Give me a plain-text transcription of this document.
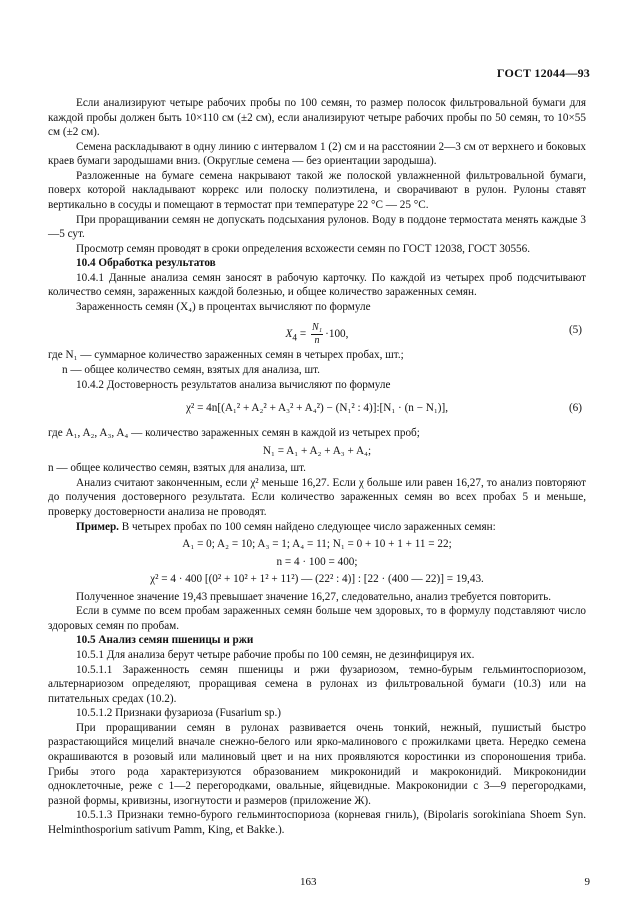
ГОСТ 12044—93

Если анализируют четыре рабочих пробы по 100 семян, то размер полосок фильтровальной бумаги для каждой пробы должен быть 10×110 см (±2 см), если анализируют четыре рабочих пробы по 50 семян, то 10×55 см (±2 см).

Семена раскладывают в одну линию с интервалом 1 (2) см и на расстоянии 2—3 см от верхнего и боковых краев бумаги зародышами вниз. (Округлые семена — без ориентации зародыша).

Разложенные на бумаге семена накрывают такой же полоской увлажненной фильтровальной бумаги, поверх которой накладывают коррекс или полоску полиэтилена, и сворачивают в рулон. Рулоны ставят вертикально в сосуды и помещают в термостат при температуре 22 °С — 25 °С.

При проращивании семян не допускать подсыхания рулонов. Воду в поддоне термостата менять каждые 3—5 сут.

Просмотр семян проводят в сроки определения всхожести семян по ГОСТ 12038, ГОСТ 30556.

10.4 Обработка результатов

10.4.1 Данные анализа семян заносят в рабочую карточку. По каждой из четырех проб подсчитывают количество семян, зараженных каждой болезнью, и общее количество зараженных семян.

Зараженность семян (X₄) в процентах вычисляют по формуле

$X_4 = \frac{\text{N₁}}{n} \cdot 100$,	(5)

где N₁ — суммарное количество зараженных семян в четырех пробах, шт.;

n — общее количество семян, взятых для анализа, шт.

10.4.2 Достоверность результатов анализа вычисляют по формуле

χ² = 4n[(A₁² + A₂² + A₃² + A₄²) − (N₁² : 4)]:[N₁ · (n − N₁)],	(6)

где A₁, A₂, A₃, A₄ — количество зараженных семян в каждой из четырех проб;

N₁ = A₁ + A₂ + A₃ + A₄;

n — общее количество семян, взятых для анализа, шт.

Анализ считают законченным, если χ² меньше 16,27. Если χ больше или равен 16,27, то анализ повторяют до получения достоверного результата. Если количество зараженных семян во всех пробах 5 и меньше, проверку достоверности анализа не проводят.

Пример. В четырех пробах по 100 семян найдено следующее число зараженных семян:

A₁ = 0; A₂ = 10; A₃ = 1; A₄ = 11; N₁ = 0 + 10 + 1 + 11 = 22;
n = 4 · 100 = 400;
χ² = 4 · 400 [(0² + 10² + 1² + 11²) — (22² : 4)] : [22 · (400 — 22)] = 19,43.

Полученное значение 19,43 превышает значение 16,27, следовательно, анализ требуется повторить.

Если в сумме по всем пробам зараженных семян больше чем здоровых, то в формулу подставляют число здоровых семян по пробам.

10.5 Анализ семян пшеницы и ржи

10.5.1 Для анализа берут четыре рабочие пробы по 100 семян, не дезинфицируя их.

10.5.1.1 Зараженность семян пшеницы и ржи фузариозом, темно-бурым гельминтоспориозом, альтернариозом определяют, проращивая семена в рулонах из фильтровальной бумаги (10.3) или на питательных средах (10.2).

10.5.1.2 Признаки фузариоза (Fusarium sp.)

При проращивании семян в рулонах развивается очень тонкий, нежный, пушистый быстро разрастающийся мицелий вначале снежно-белого или ярко-малинового с прожилками цвета. Нередко семена окрашиваются в розовый или малиновый цвет и на них проявляются коростинки из спороношения триба. Грибы этого рода характеризуются образованием микроконидий и макроконидий. Микроконидии одноклеточные, реже с 1—2 перегородками, овальные, яйцевидные. Макроконидии с 3—9 перегородками, разной формы, кривизны, изогнутости и размеров (приложение Ж).

10.5.1.3 Признаки темно-бурого гельминтоспориоза (корневая гниль), (Bipolaris sorokiniana Shoem Syn. Helminthosporium sativum Pamm, King, et Bakke.).

163	9
